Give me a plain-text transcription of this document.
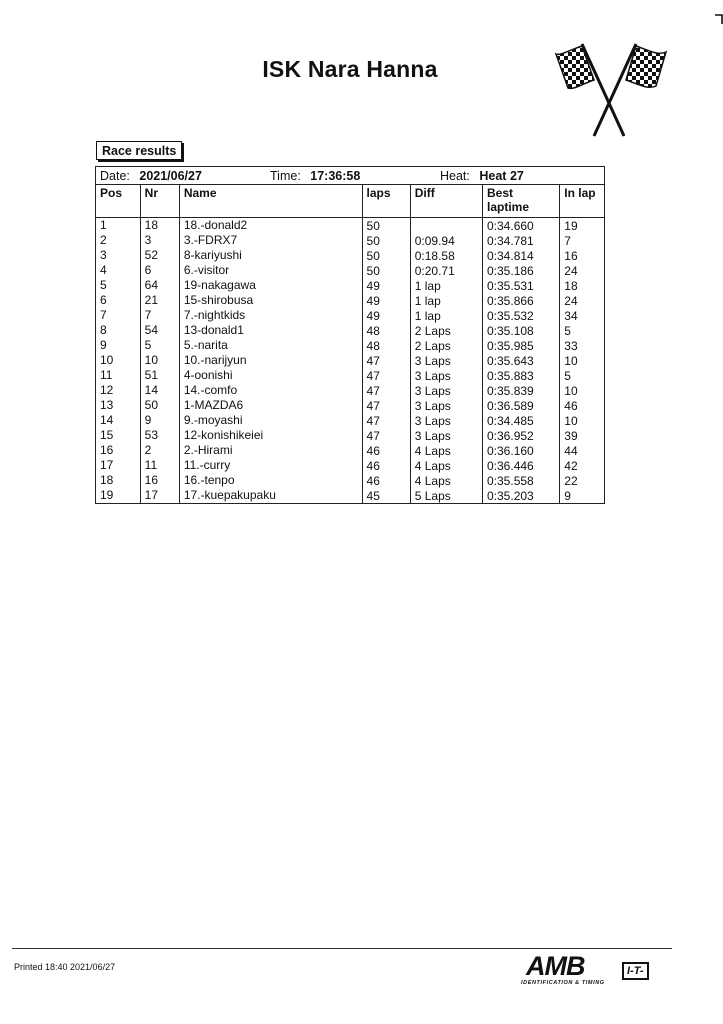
ISK Nara Hanna
Race results
Date: 2021/06/27	Time: 17:36:58	Heat: Heat 27
Pos	Nr	Name	laps	Diff	Best laptime	In lap
1	18	18.-donald2	50		0:34.660	19
2	3	3.-FDRX7	50	0:09.94	0:34.781	7
3	52	8-kariyushi	50	0:18.58	0:34.814	16
4	6	6.-visitor	50	0:20.71	0:35.186	24
5	64	19-nakagawa	49	1 lap	0:35.531	18
6	21	15-shirobusa	49	1 lap	0:35.866	24
7	7	7.-nightkids	49	1 lap	0:35.532	34
8	54	13-donald1	48	2 Laps	0:35.108	5
9	5	5.-narita	48	2 Laps	0:35.985	33
10	10	10.-narijyun	47	3 Laps	0:35.643	10
11	51	4-oonishi	47	3 Laps	0:35.883	5
12	14	14.-comfo	47	3 Laps	0:35.839	10
13	50	1-MAZDA6	47	3 Laps	0:36.589	46
14	9	9.-moyashi	47	3 Laps	0:34.485	10
15	53	12-konishikeiei	47	3 Laps	0:36.952	39
16	2	2.-Hirami	46	4 Laps	0:36.160	44
17	11	11.-curry	46	4 Laps	0:36.446	42
18	16	16.-tenpo	46	4 Laps	0:35.558	22
19	17	17.-kuepakupaku	45	5 Laps	0:35.203	9
Printed 18:40 2021/06/27	AMB	I-T-
IDENTIFICATION & TIMING
